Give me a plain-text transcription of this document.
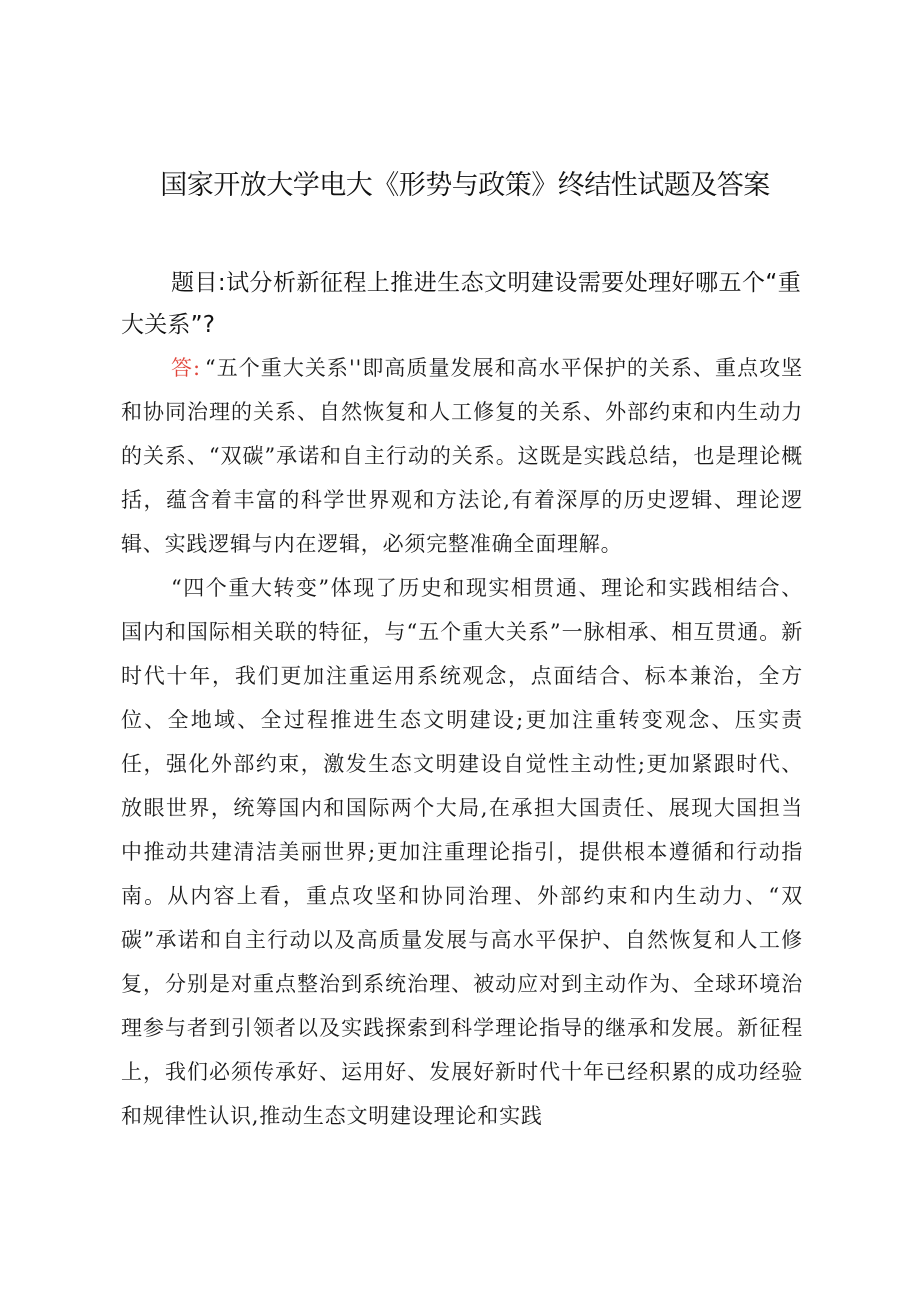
国家开放大学电大《形势与政策》终结性试题及答案
题目:试分析新征程上推进生态文明建设需要处理好哪五个“重大关系”?

答: “五个重大关系''即高质量发展和高水平保护的关系、重点攻坚和协同治理的关系、自然恢复和人工修复的关系、外部约束和内生动力的关系、“双碳”承诺和自主行动的关系。这既是实践总结，也是理论概括，蕴含着丰富的科学世界观和方法论,有着深厚的历史逻辑、理论逻辑、实践逻辑与内在逻辑，必须完整准确全面理解。

“四个重大转变”体现了历史和现实相贯通、理论和实践相结合、国内和国际相关联的特征，与“五个重大关系”一脉相承、相互贯通。新时代十年，我们更加注重运用系统观念，点面结合、标本兼治，全方位、全地域、全过程推进生态文明建设;更加注重转变观念、压实责任，强化外部约束，激发生态文明建设自觉性主动性;更加紧跟时代、放眼世界，统筹国内和国际两个大局,在承担大国责任、展现大国担当中推动共建清洁美丽世界;更加注重理论指引，提供根本遵循和行动指南。从内容上看，重点攻坚和协同治理、外部约束和内生动力、“双碳”承诺和自主行动以及高质量发展与高水平保护、自然恢复和人工修复，分别是对重点整治到系统治理、被动应对到主动作为、全球环境治理参与者到引领者以及实践探索到科学理论指导的继承和发展。新征程上，我们必须传承好、运用好、发展好新时代十年已经积累的成功经验和规律性认识,推动生态文明建设理论和实践
